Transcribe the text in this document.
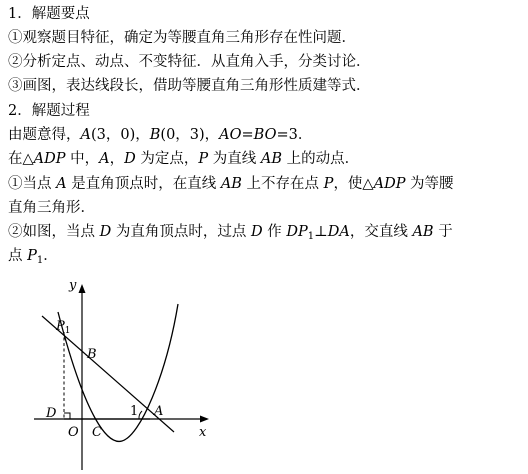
1．解题要点
①观察题目特征，确定为等腰直角三角形存在性问题．
②分析定点、动点、不变特征．从直角入手，分类讨论．
③画图，表达线段长，借助等腰直角三角形性质建等式．
2．解题过程
由题意得，A(3，0)，B(0，3)，AO=BO=3．
在△ADP 中，A，D 为定点，P 为直线 AB 上的动点．
①当点 A 是直角顶点时，在直线 AB 上不存在点 P，使△ADP 为等腰
直角三角形．
②如图，当点 D 为直角顶点时，过点 D 作 $DP_1\perp DA$，交直线 AB 于
点 $P_1$．
y
x
$P_1$
B
D
O C
1 A
